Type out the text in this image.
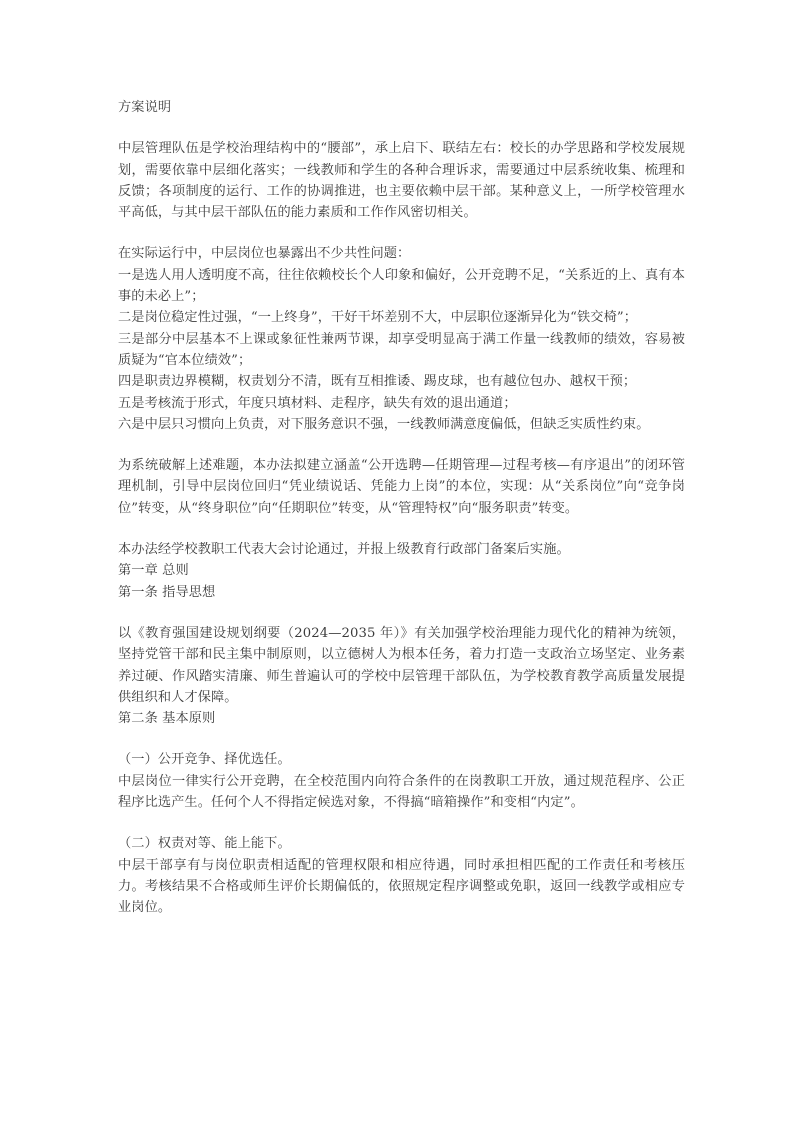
方案说明

中层管理队伍是学校治理结构中的“腰部”，承上启下、联结左右：校长的办学思路和学校发展规划，需要依靠中层细化落实；一线教师和学生的各种合理诉求，需要通过中层系统收集、梳理和反馈；各项制度的运行、工作的协调推进，也主要依赖中层干部。某种意义上，一所学校管理水平高低，与其中层干部队伍的能力素质和工作作风密切相关。

在实际运行中，中层岗位也暴露出不少共性问题：

一是选人用人透明度不高，往往依赖校长个人印象和偏好，公开竞聘不足，“关系近的上、真有本事的未必上”；

二是岗位稳定性过强，“一上终身”，干好干坏差别不大，中层职位逐渐异化为“铁交椅”；

三是部分中层基本不上课或象征性兼两节课，却享受明显高于满工作量一线教师的绩效，容易被质疑为“官本位绩效”；

四是职责边界模糊，权责划分不清，既有互相推诿、踢皮球，也有越位包办、越权干预；

五是考核流于形式，年度只填材料、走程序，缺失有效的退出通道；

六是中层只习惯向上负责，对下服务意识不强，一线教师满意度偏低，但缺乏实质性约束。

为系统破解上述难题，本办法拟建立涵盖“公开选聘—任期管理—过程考核—有序退出”的闭环管理机制，引导中层岗位回归“凭业绩说话、凭能力上岗”的本位，实现：从“关系岗位”向“竞争岗位”转变，从“终身职位”向“任期职位”转变，从“管理特权”向“服务职责”转变。

本办法经学校教职工代表大会讨论通过，并报上级教育行政部门备案后实施。

第一章 总则

第一条 指导思想

以《教育强国建设规划纲要（2024—2035 年）》有关加强学校治理能力现代化的精神为统领，坚持党管干部和民主集中制原则，以立德树人为根本任务，着力打造一支政治立场坚定、业务素养过硬、作风踏实清廉、师生普遍认可的学校中层管理干部队伍，为学校教育教学高质量发展提供组织和人才保障。

第二条 基本原则

（一）公开竞争、择优选任。

中层岗位一律实行公开竞聘，在全校范围内向符合条件的在岗教职工开放，通过规范程序、公正程序比选产生。任何个人不得指定候选对象，不得搞“暗箱操作”和变相“内定”。

（二）权责对等、能上能下。

中层干部享有与岗位职责相适配的管理权限和相应待遇，同时承担相匹配的工作责任和考核压力。考核结果不合格或师生评价长期偏低的，依照规定程序调整或免职，返回一线教学或相应专业岗位。
